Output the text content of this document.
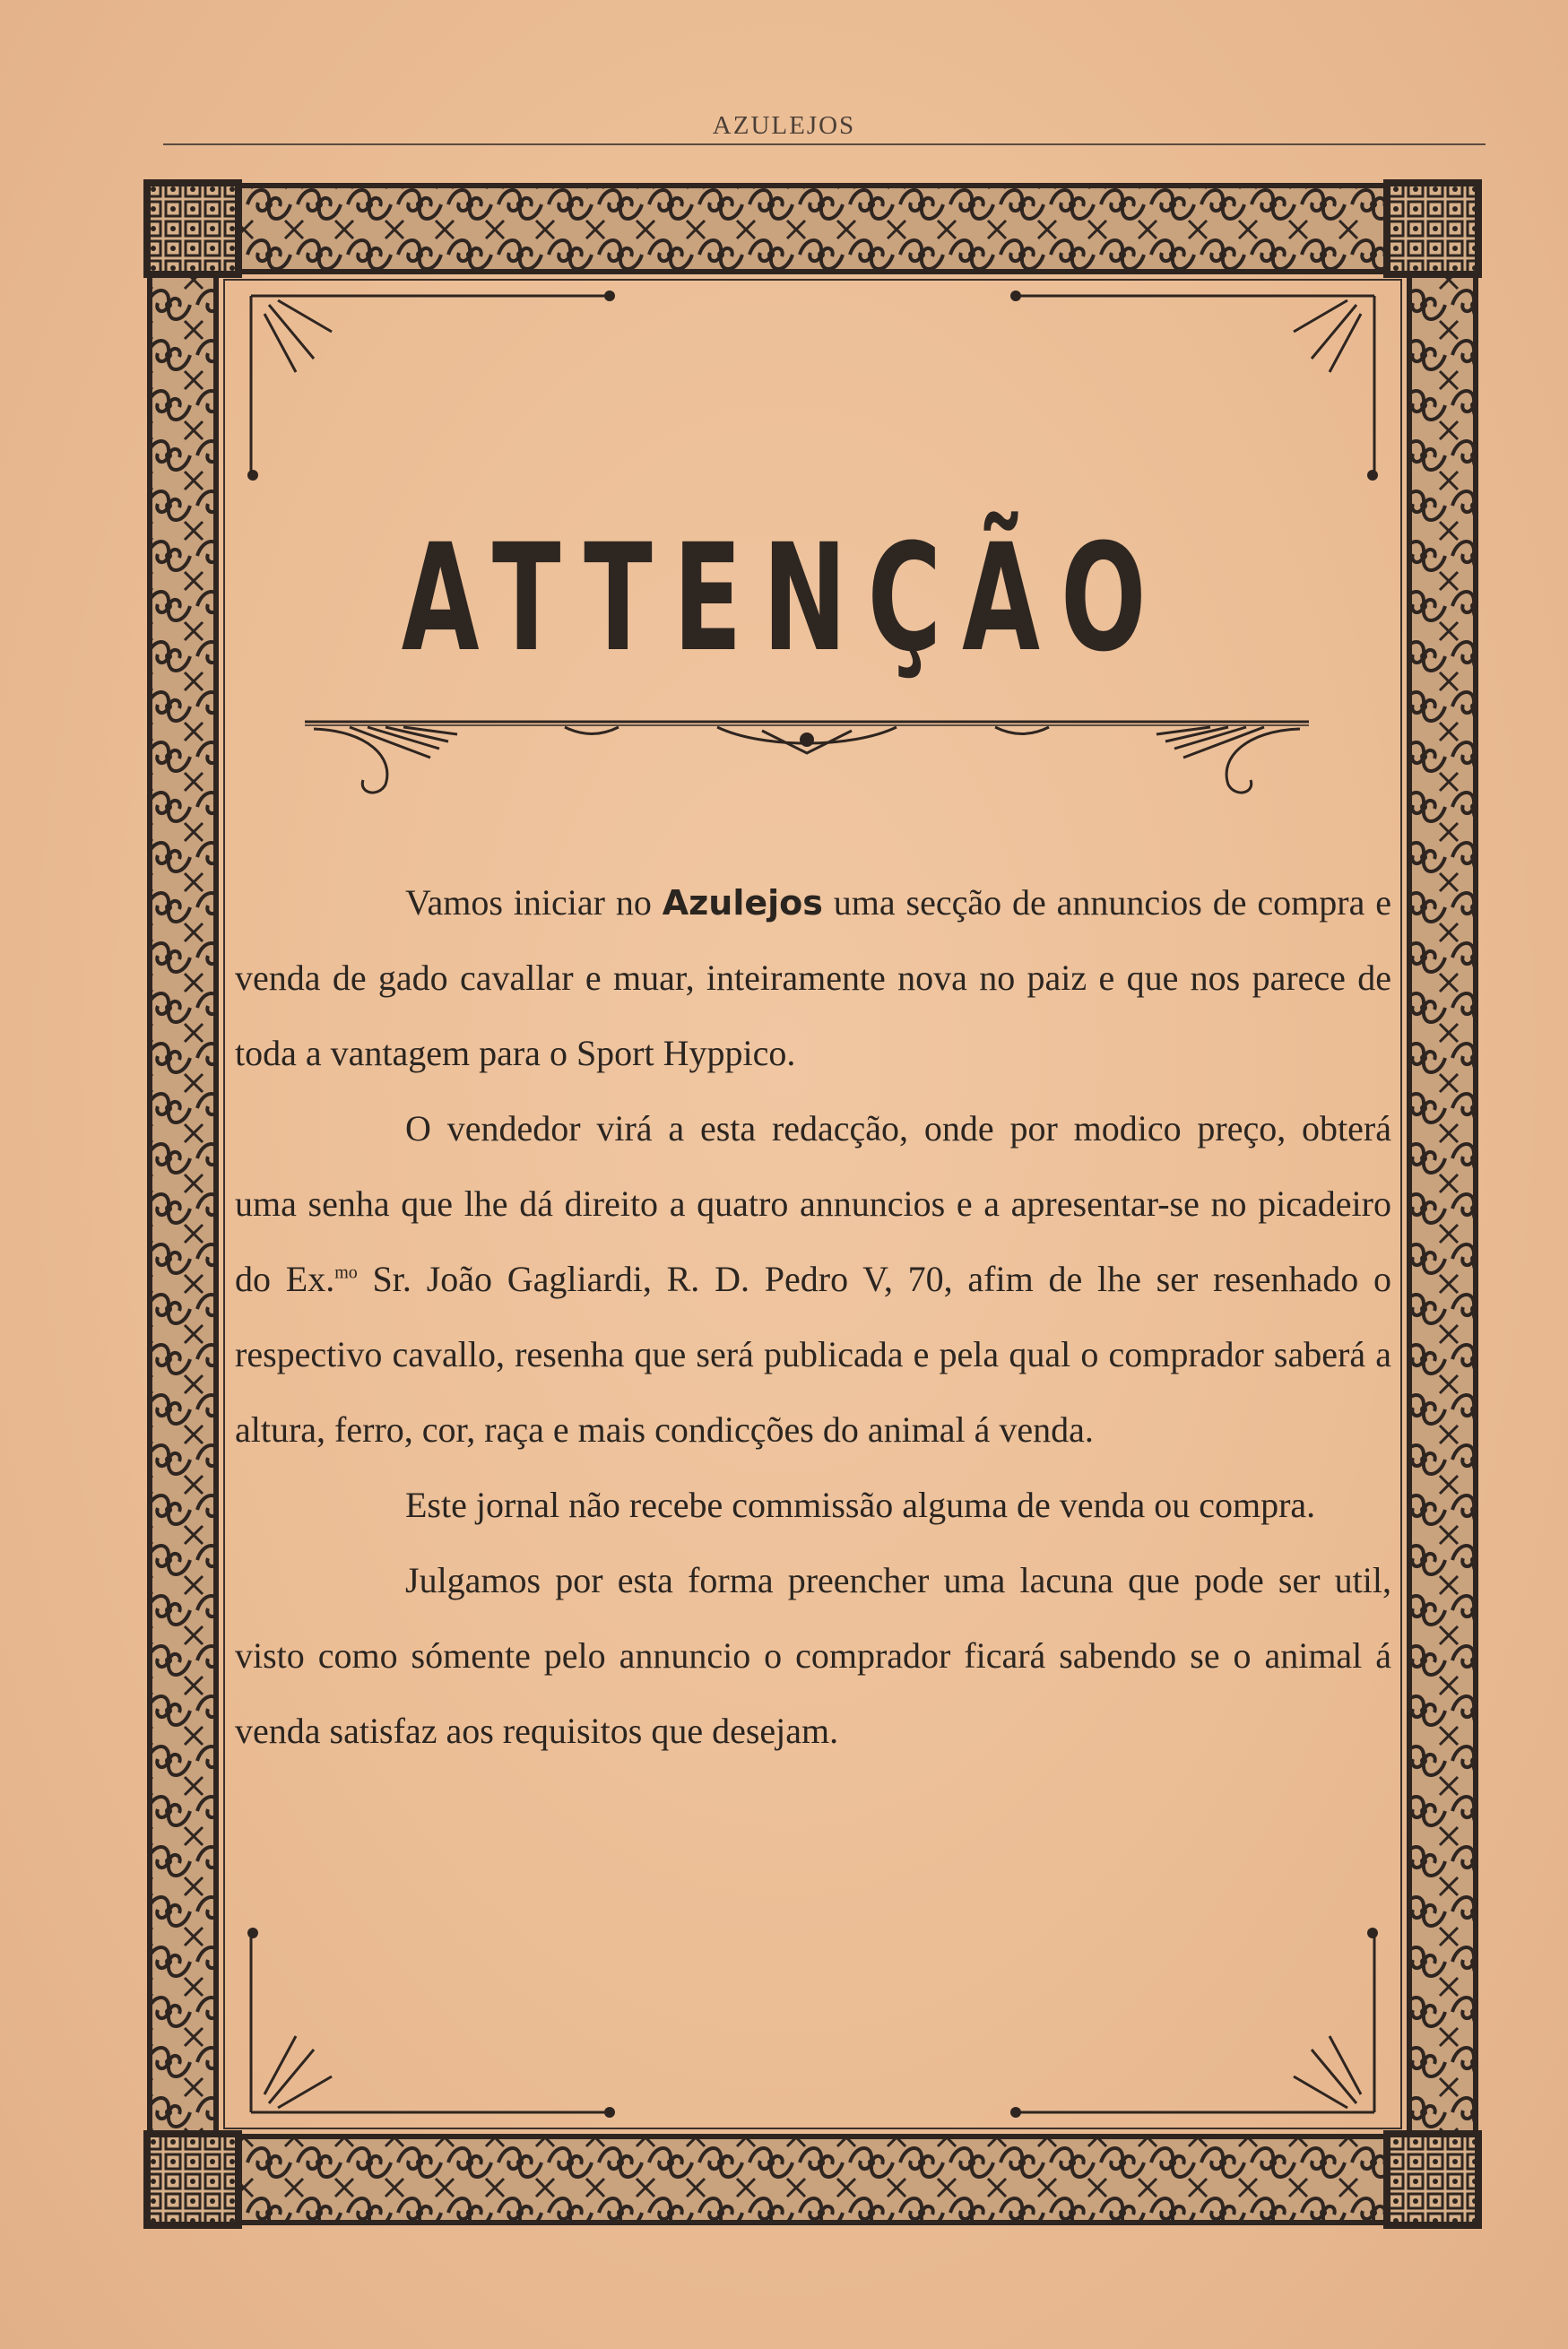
AZULEJOS
ATTENÇÃO

Vamos iniciar no Azulejos uma secção de annuncios de compra e venda de gado cavallar e muar, inteiramente nova no paiz e que nos parece de toda a vantagem para o Sport Hyppico.

O vendedor virá a esta redacção, onde por modico preço, obterá uma senha que lhe dá direito a quatro annuncios e a apresentar-se no picadeiro do Ex.$^{mo}$ Sr. João Gagliardi, R. D. Pedro V, 70, afim de lhe ser resenhado o respectivo cavallo, resenha que será publicada e pela qual o comprador saberá a altura, ferro, cor, raça e mais condicções do animal á venda.

Este jornal não recebe commissão alguma de venda ou compra.

Julgamos por esta forma preencher uma lacuna que pode ser util, visto como sómente pelo annuncio o comprador ficará sabendo se o animal á venda satisfaz aos requisitos que desejam.
